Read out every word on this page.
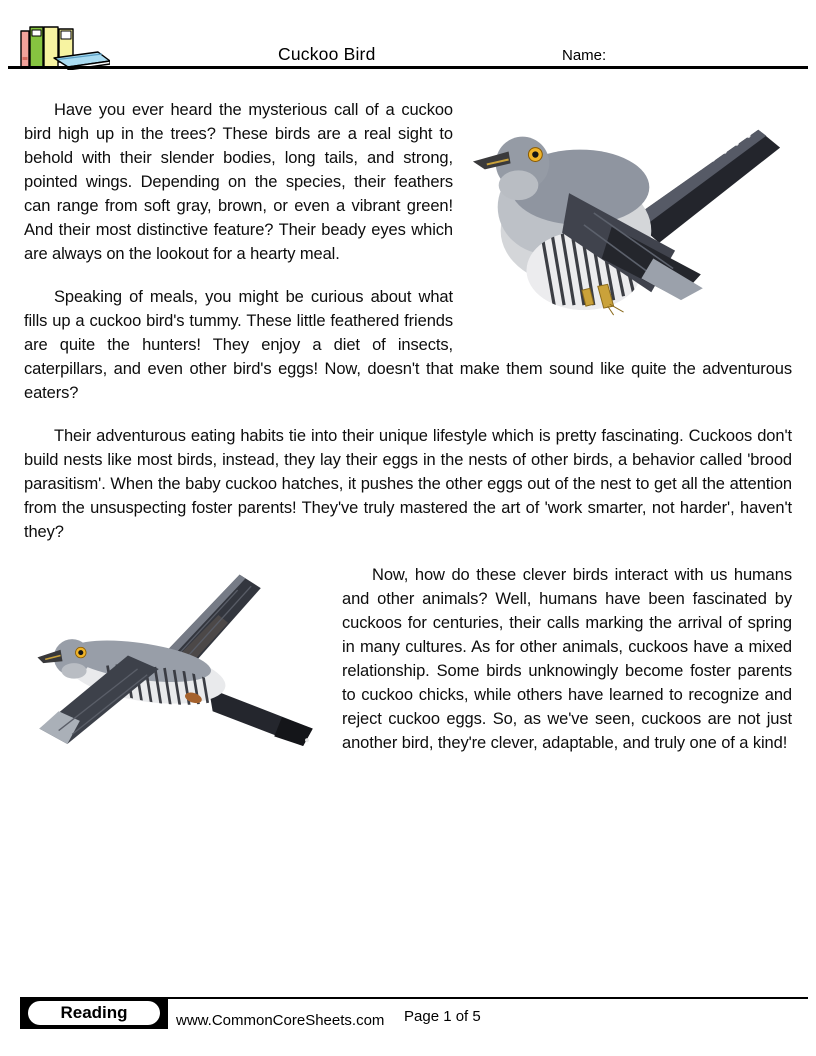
Cuckoo Bird	Name:

Have you ever heard the mysterious call of a cuckoo bird high up in the trees? These birds are a real sight to behold with their slender bodies, long tails, and strong, pointed wings. Depending on the species, their feathers can range from soft gray, brown, or even a vibrant green! And their most distinctive feature? Their beady eyes which are always on the lookout for a hearty meal.

Speaking of meals, you might be curious about what fills up a cuckoo bird's tummy. These little feathered friends are quite the hunters! They enjoy a diet of insects, caterpillars, and even other bird's eggs! Now, doesn't that make them sound like quite the adventurous eaters?

Their adventurous eating habits tie into their unique lifestyle which is pretty fascinating. Cuckoos don't build nests like most birds, instead, they lay their eggs in the nests of other birds, a behavior called 'brood parasitism'. When the baby cuckoo hatches, it pushes the other eggs out of the nest to get all the attention from the unsuspecting foster parents! They've truly mastered the art of 'work smarter, not harder', haven't they?

Now, how do these clever birds interact with us humans and other animals? Well, humans have been fascinated by cuckoos for centuries, their calls marking the arrival of spring in many cultures. As for other animals, cuckoos have a mixed relationship. Some birds unknowingly become foster parents to cuckoo chicks, while others have learned to recognize and reject cuckoo eggs. So, as we've seen, cuckoos are not just another bird, they're clever, adaptable, and truly one of a kind!

Reading	www.CommonCoreSheets.com Page 1 of 5
